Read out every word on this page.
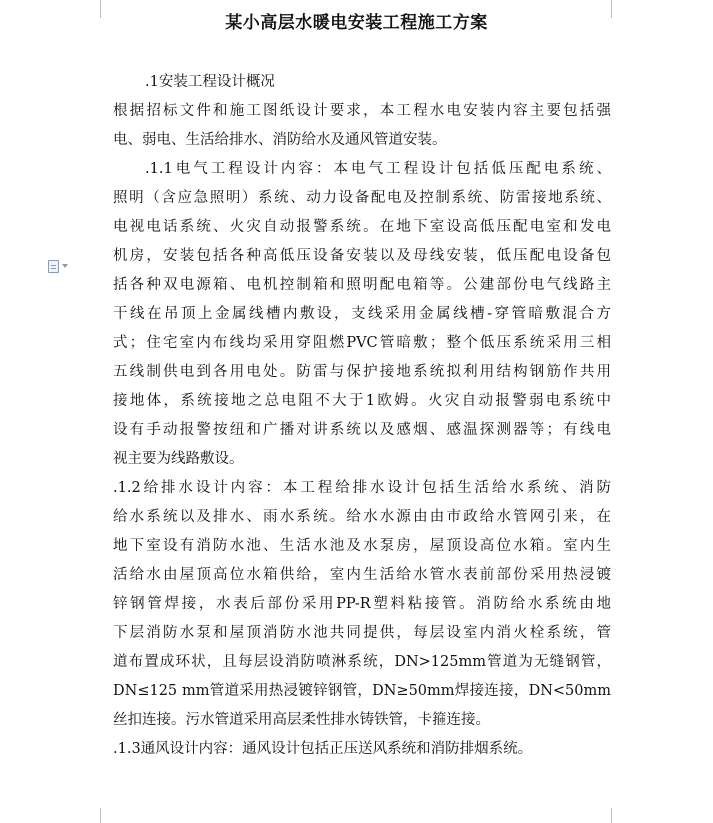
某小高层水暖电安装工程施工方案
.1安装工程设计概况
根据招标文件和施工图纸设计要求，本工程水电安装内容主要包括强
电、弱电、生活给排水、消防给水及通风管道安装。
.1.1电气工程设计内容：本电气工程设计包括低压配电系统、
照明（含应急照明）系统、动力设备配电及控制系统、防雷接地系统、
电视电话系统、火灾自动报警系统。在地下室设高低压配电室和发电
机房，安装包括各种高低压设备安装以及母线安装，低压配电设备包
括各种双电源箱、电机控制箱和照明配电箱等。公建部份电气线路主
干线在吊顶上金属线槽内敷设，支线采用金属线槽-穿管暗敷混合方
式；住宅室内布线均采用穿阻燃PVC管暗敷；整个低压系统采用三相
五线制供电到各用电处。防雷与保护接地系统拟利用结构钢筋作共用
接地体，系统接地之总电阻不大于1欧姆。火灾自动报警弱电系统中
设有手动报警按纽和广播对讲系统以及感烟、感温探测器等；有线电
视主要为线路敷设。
.1.2给排水设计内容：本工程给排水设计包括生活给水系统、消防
给水系统以及排水、雨水系统。给水水源由由市政给水管网引来，在
地下室设有消防水池、生活水池及水泵房，屋顶设高位水箱。室内生
活给水由屋顶高位水箱供给，室内生活给水管水表前部份采用热浸镀
锌钢管焊接，水表后部份采用PP-R塑料粘接管。消防给水系统由地
下层消防水泵和屋顶消防水池共同提供，每层设室内消火栓系统，管
道布置成环状，且每层设消防喷淋系统，DN>125mm管道为无缝钢管，
DN≤125 mm管道采用热浸镀锌钢管，DN≥50mm焊接连接，DN<50mm
丝扣连接。污水管道采用高层柔性排水铸铁管，卡箍连接。
.1.3通风设计内容：通风设计包括正压送风系统和消防排烟系统。
